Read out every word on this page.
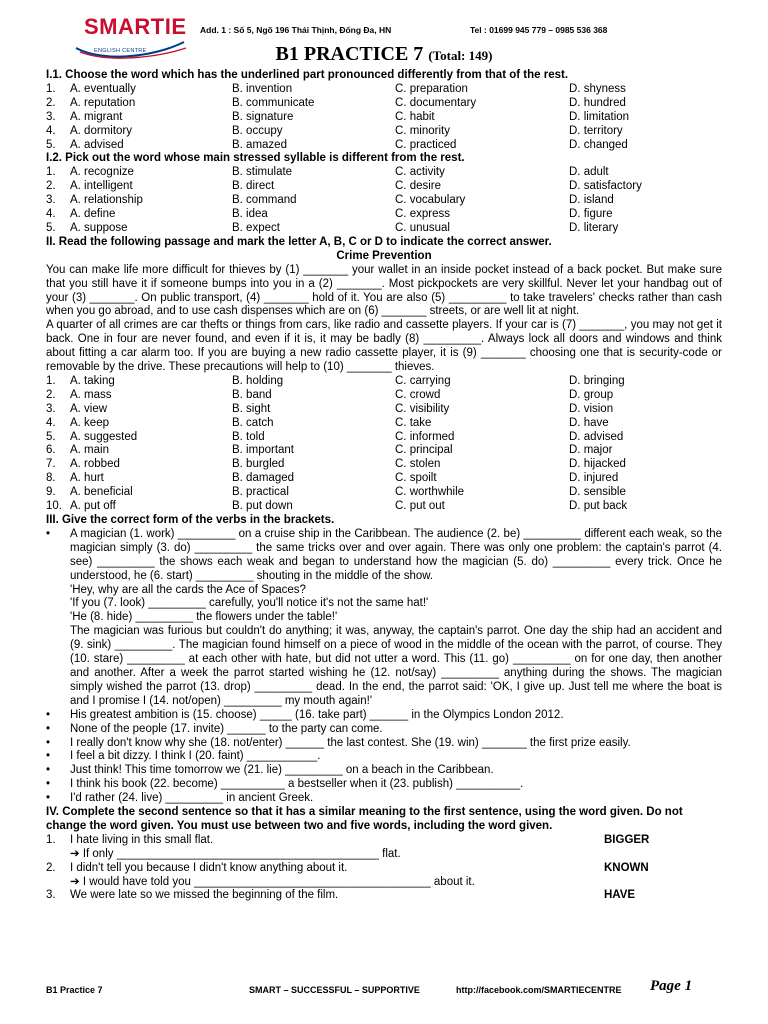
SMARTIE
ENGLISH CENTRE
Add. 1 : Số 5, Ngõ 196 Thái Thịnh, Đống Đa, HN	Tel : 01699 945 779 – 0985 536 368
B1 PRACTICE 7 (Total: 149)
I.1. Choose the word which has the underlined part pronounced differently from that of the rest.
1.	A. eventually	B. invention	C. preparation	D. shyness
2.	A. reputation	B. communicate	C. documentary	D. hundred
3.	A. migrant	B. signature	C. habit	D. limitation
4.	A. dormitory	B. occupy	C. minority	D. territory
5.	A. advised	B. amazed	C. practiced	D. changed
I.2. Pick out the word whose main stressed syllable is different from the rest.
1.	A. recognize	B. stimulate	C. activity	D. adult
2.	A. intelligent	B. direct	C. desire	D. satisfactory
3.	A. relationship	B. command	C. vocabulary	D. island
4.	A. define	B. idea	C. express	D. figure
5.	A. suppose	B. expect	C. unusual	D. literary
II. Read the following passage and mark the letter A, B, C or D to indicate the correct answer.
Crime Prevention
You can make life more difficult for thieves by (1) _______ your wallet in an inside pocket instead of a back pocket. But make sure that you still have it if someone bumps into you in a (2) _______. Most pickpockets are very skillful. Never let your handbag out of your (3) _______. On public transport, (4) _______ hold of it. You are also (5) _________ to take travelers' checks rather than cash when you go abroad, and to use cash dispenses which are on (6) _______ streets, or are well lit at night.
A quarter of all crimes are car thefts or things from cars, like radio and cassette players. If your car is (7) _______, you may not get it back. One in four are never found, and even if it is, it may be badly (8) _________. Always lock all doors and windows and think about fitting a car alarm too. If you are buying a new radio cassette player, it is (9) _______ choosing one that is security-code or removable by the drive. These precautions will help to (10) _______ thieves.
1.	A. taking	B. holding	C. carrying	D. bringing
2.	A. mass	B. band	C. crowd	D. group
3.	A. view	B. sight	C. visibility	D. vision
4.	A. keep	B. catch	C. take	D. have
5.	A. suggested	B. told	C. informed	D. advised
6.	A. main	B. important	C. principal	D. major
7.	A. robbed	B. burgled	C. stolen	D. hijacked
8.	A. hurt	B. damaged	C. spoilt	D. injured
9.	A. beneficial	B. practical	C. worthwhile	D. sensible
10. A. put off	B. put down	C. put out	D. put back
III. Give the correct form of the verbs in the brackets.
•	A magician (1. work) _________ on a cruise ship in the Caribbean. The audience (2. be) _________ different each weak, so the magician simply (3. do) _________ the same tricks over and over again. There was only one problem: the captain's parrot (4. see) _________ the shows each weak and began to understand how the magician (5. do) _________ every trick. Once he understood, he (6. start) _________ shouting in the middle of the show.
'Hey, why are all the cards the Ace of Spaces?
'If you (7. look) _________ carefully, you'll notice it's not the same hat!'
'He (8. hide) _________ the flowers under the table!'
The magician was furious but couldn't do anything; it was, anyway, the captain's parrot. One day the ship had an accident and (9. sink) _________. The magician found himself on a piece of wood in the middle of the ocean with the parrot, of course. They (10. stare) _________ at each other with hate, but did not utter a word. This (11. go) _________ on for one day, then another and another. After a week the parrot started wishing he (12. not/say) _________ anything during the shows. The magician simply wished the parrot (13. drop) _________ dead. In the end, the parrot said: 'OK, I give up. Just tell me where the boat is and I promise I (14. not/open) _________ my mouth again!'
•	His greatest ambition is (15. choose) _____ (16. take part) ______ in the Olympics London 2012.
•	None of the people (17. invite) ______ to the party can come.
•	I really don't know why she (18. not/enter) ______ the last contest. She (19. win) _______ the first prize easily.
•	I feel a bit dizzy. I think I (20. faint) ___________.
•	Just think! This time tomorrow we (21. lie) _________ on a beach in the Caribbean.
•	I think his book (22. become) __________ a bestseller when it (23. publish) __________.
•	I'd rather (24. live) _________ in ancient Greek.
IV. Complete the second sentence so that it has a similar meaning to the first sentence, using the word given. Do not change the word given. You must use between two and five words, including the word given.
1.	I hate living in this small flat.	BIGGER
➔ If only _________________________________________ flat.
2.	I didn't tell you because I didn't know anything about it.	KNOWN
➔ I would have told you _____________________________________ about it.
3.	We were late so we missed the beginning of the film.	HAVE
B1 Practice 7	SMART – SUCCESSFUL – SUPPORTIVE	http://facebook.com/SMARTIECENTRE Page 1
